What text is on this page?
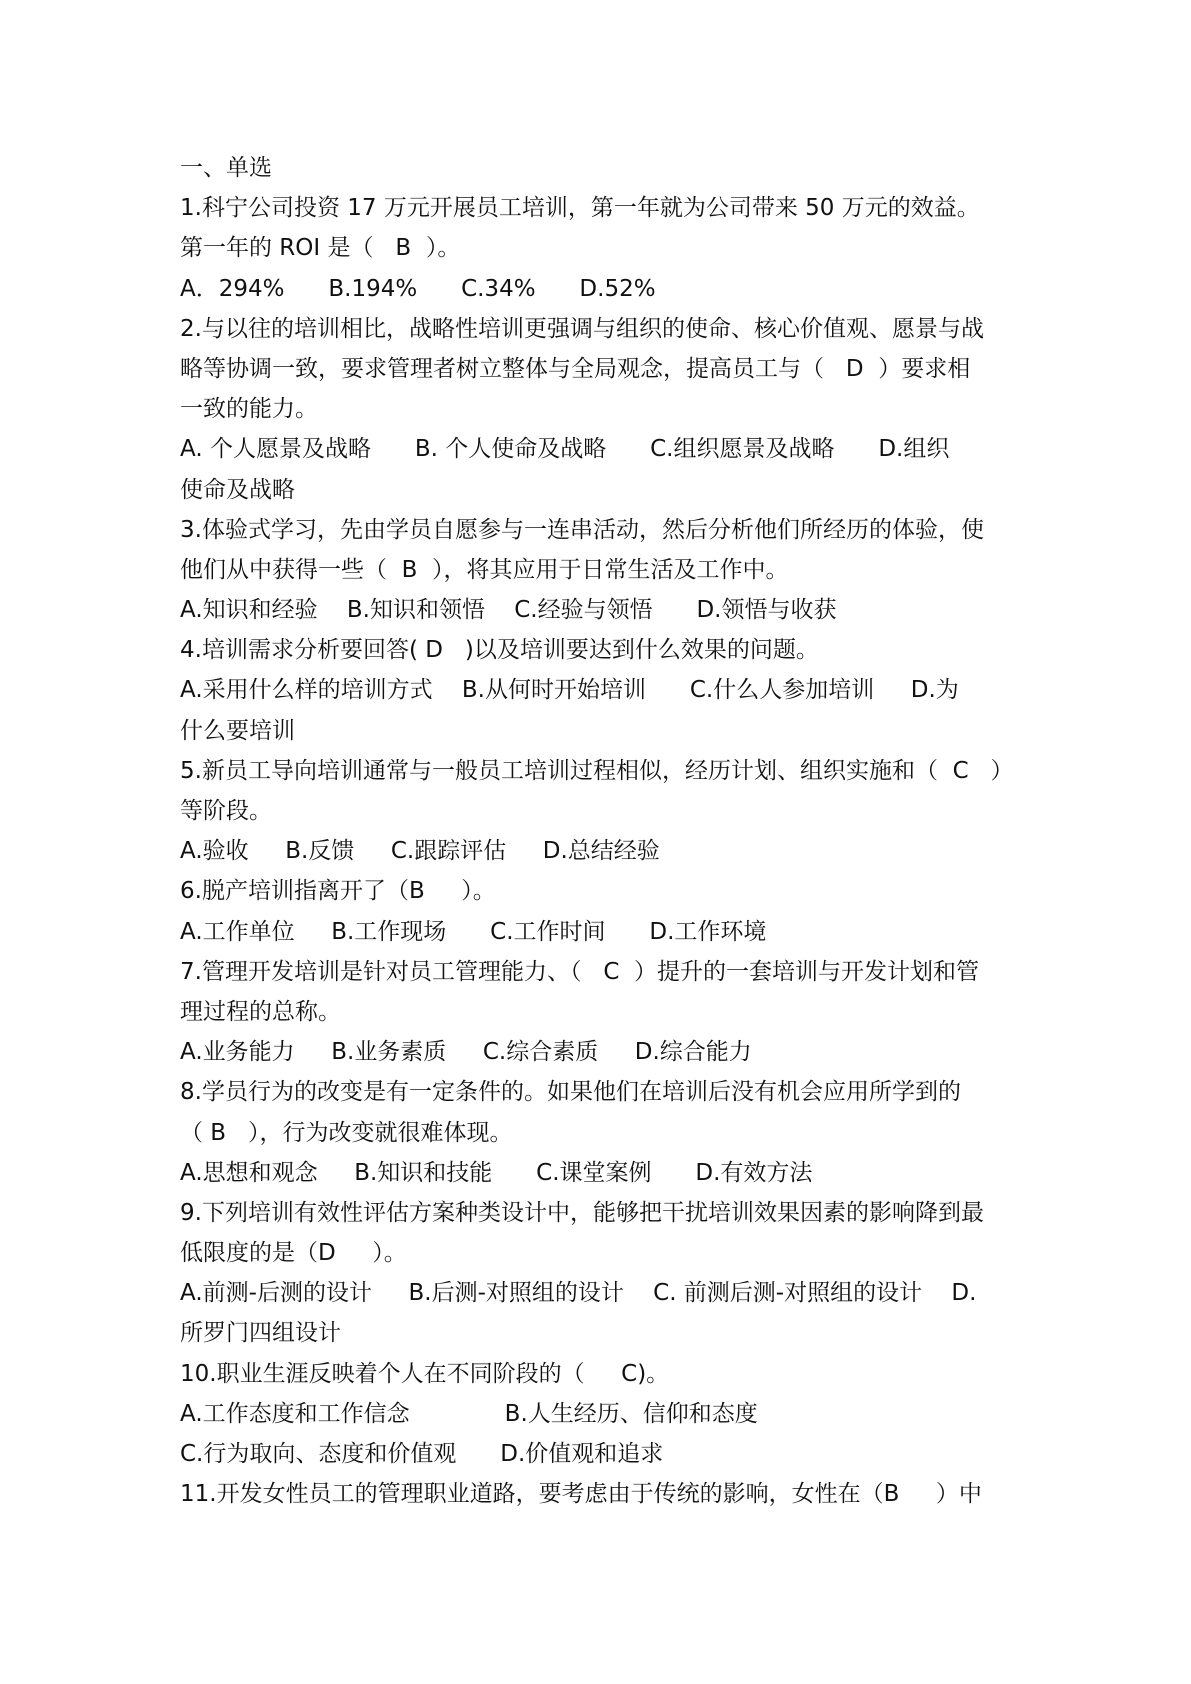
一、单选
1.科宁公司投资 17 万元开展员工培训，第一年就为公司带来 50 万元的效益。
第一年的 ROI 是（   B  ）。
A．294%      B.194%      C.34%      D.52%
2.与以往的培训相比，战略性培训更强调与组织的使命、核心价值观、愿景与战
略等协调一致，要求管理者树立整体与全局观念，提高员工与（   D  ）要求相
一致的能力。
A. 个人愿景及战略      B. 个人使命及战略      C.组织愿景及战略      D.组织
使命及战略
3.体验式学习，先由学员自愿参与一连串活动，然后分析他们所经历的体验，使
他们从中获得一些（  B  ），将其应用于日常生活及工作中。
A.知识和经验    B.知识和领悟    C.经验与领悟      D.领悟与收获
4.培训需求分析要回答( D   )以及培训要达到什么效果的问题。
A.采用什么样的培训方式    B.从何时开始培训      C.什么人参加培训     D.为
什么要培训
5.新员工导向培训通常与一般员工培训过程相似，经历计划、组织实施和（  C   ）
等阶段。
A.验收     B.反馈     C.跟踪评估     D.总结经验
6.脱产培训指离开了（B     ）。
A.工作单位     B.工作现场      C.工作时间      D.工作环境
7.管理开发培训是针对员工管理能力、（   C  ）提升的一套培训与开发计划和管
理过程的总称。
A.业务能力     B.业务素质     C.综合素质     D.综合能力
8.学员行为的改变是有一定条件的。如果他们在培训后没有机会应用所学到的
（ B   ），行为改变就很难体现。
A.思想和观念     B.知识和技能      C.课堂案例      D.有效方法
9.下列培训有效性评估方案种类设计中，能够把干扰培训效果因素的影响降到最
低限度的是（D     ）。
A.前测-后测的设计     B.后测-对照组的设计    C. 前测后测-对照组的设计    D.
所罗门四组设计
10.职业生涯反映着个人在不同阶段的（     C)。
A.工作态度和工作信念             B.人生经历、信仰和态度
C.行为取向、态度和价值观      D.价值观和追求
11.开发女性员工的管理职业道路，要考虑由于传统的影响，女性在（B     ）中
